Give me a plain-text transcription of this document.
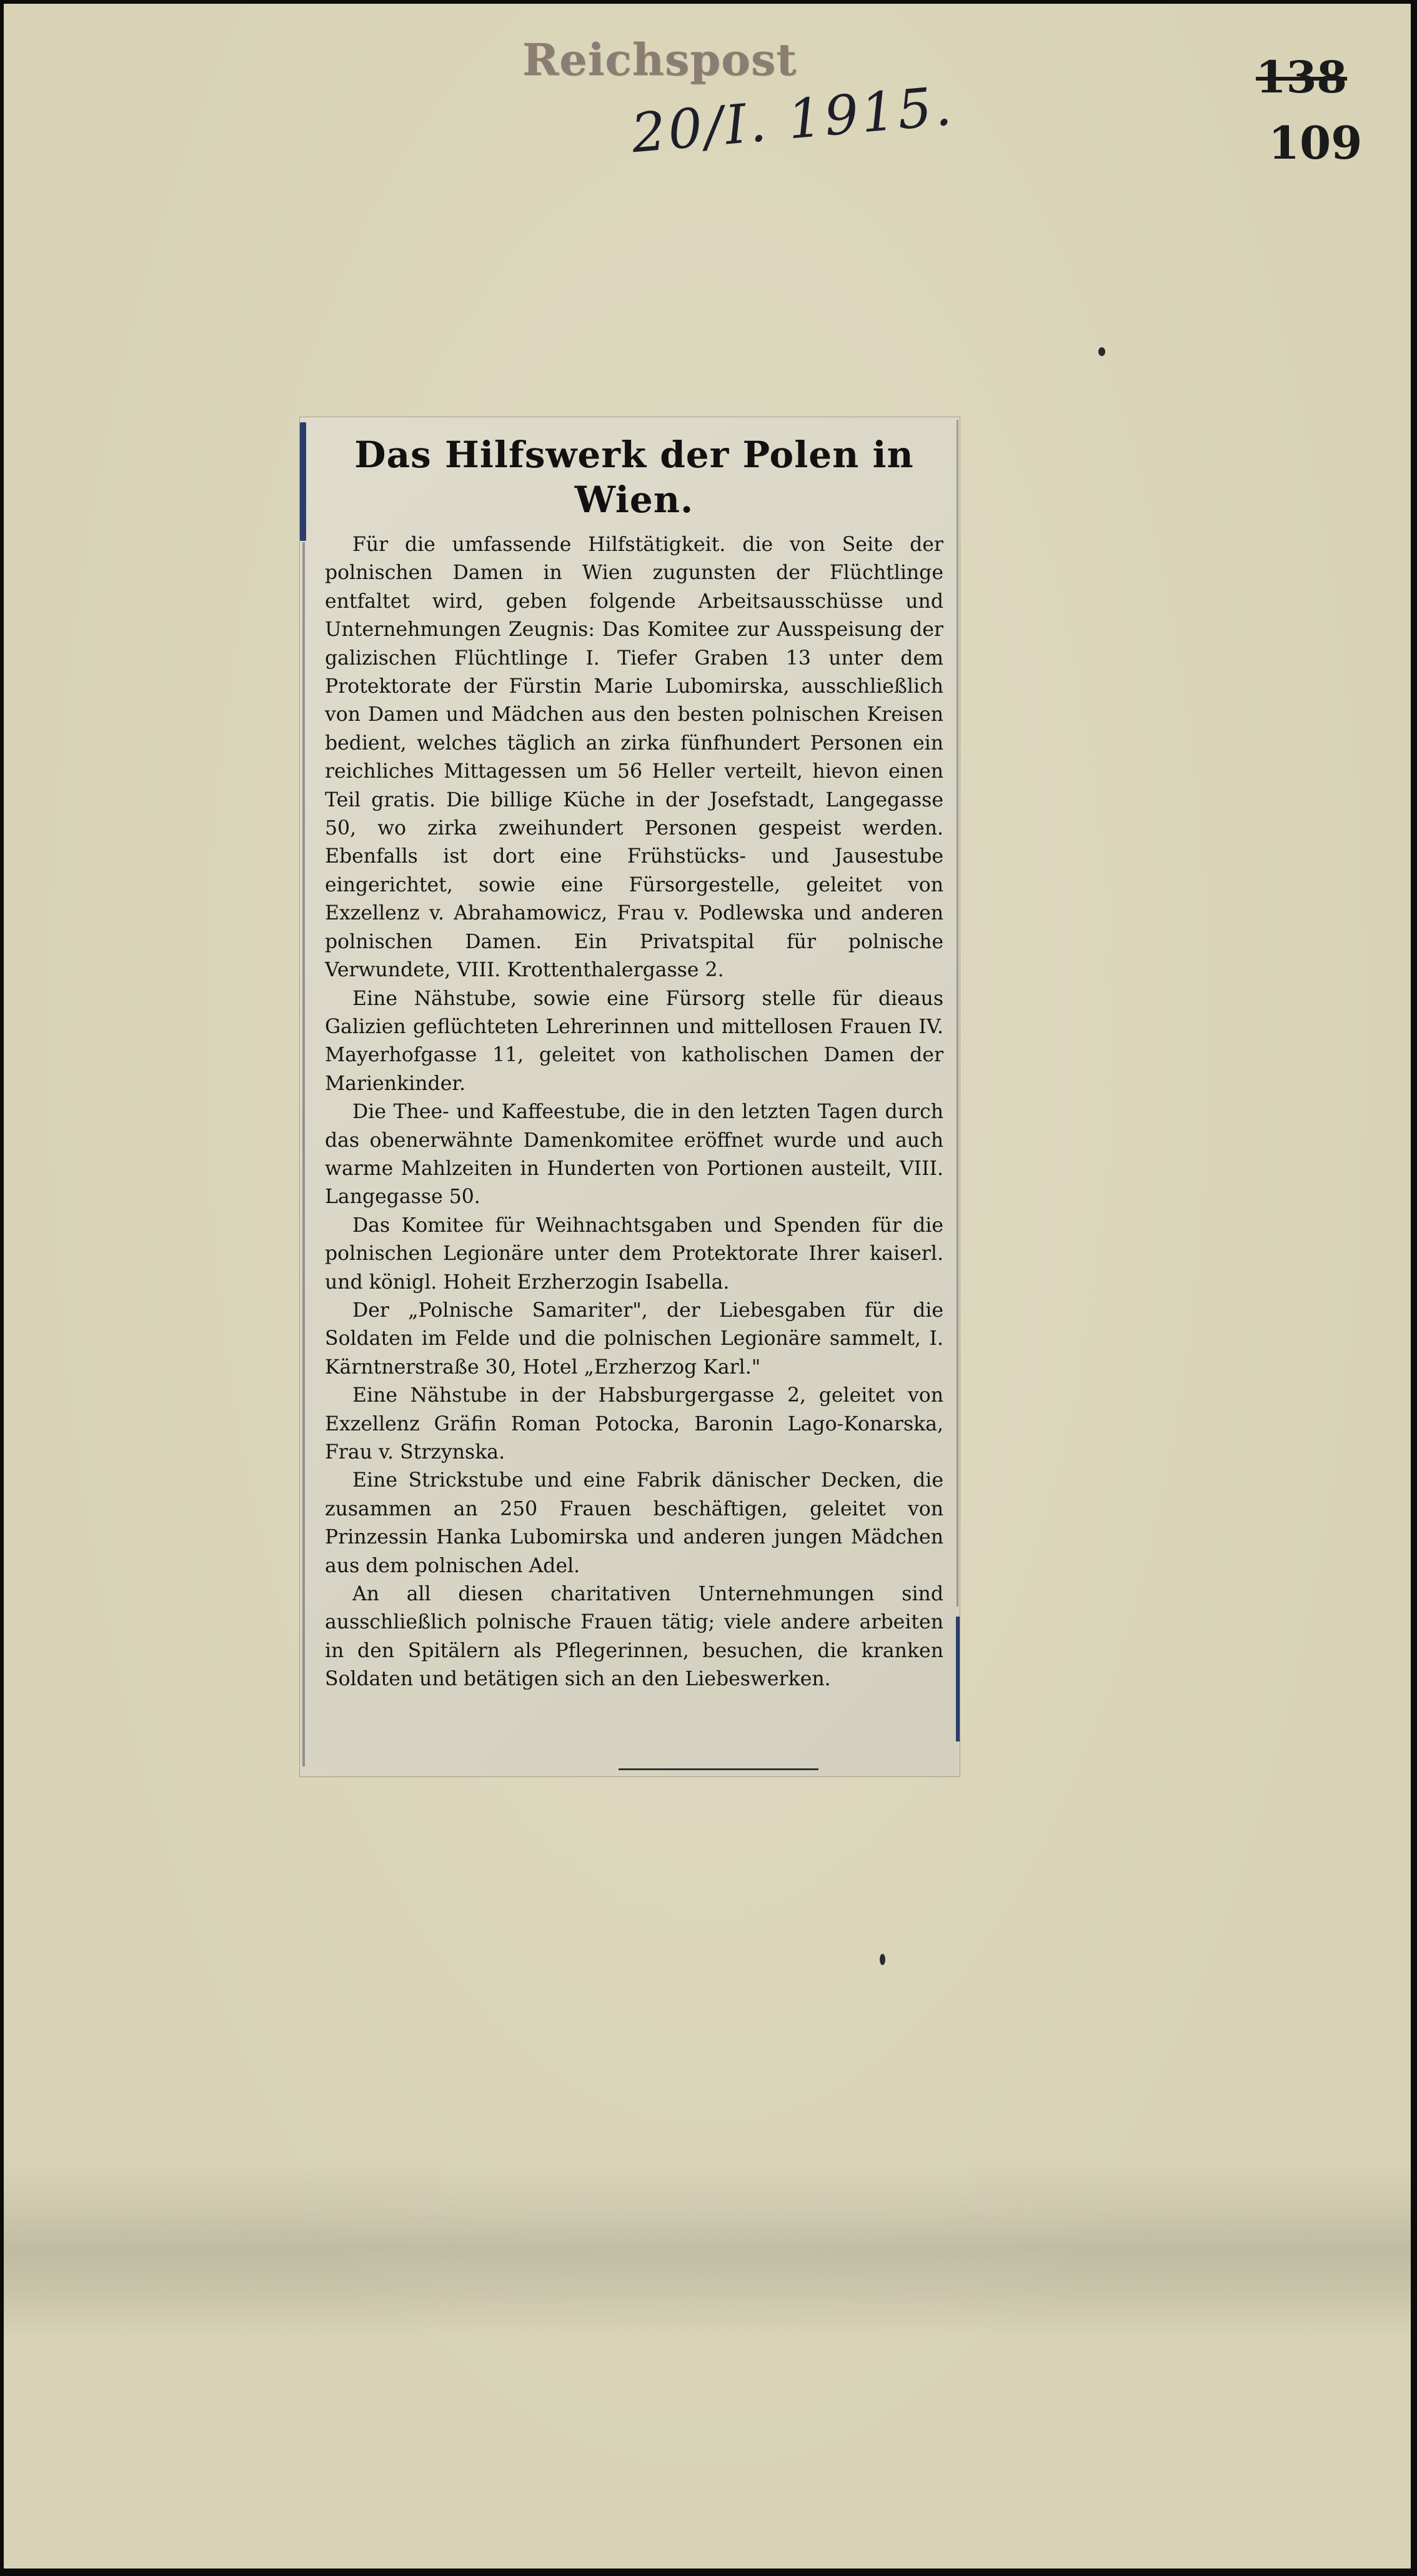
Reichspost
20/I. 1915.	138
109
Das Hilfswerk der Polen in Wien.

Für die umfassende Hilfstätigkeit. die von Seite der polnischen Damen in Wien zugunsten der Flüchtlinge entfaltet wird, geben folgende Arbeitsausschüsse und Unternehmungen Zeugnis: Das Komitee zur Ausspeisung der galizischen Flüchtlinge I. Tiefer Graben 13 unter dem Protektorate der Fürstin Marie Lubomirska, ausschließlich von Damen und Mädchen aus den besten polnischen Kreisen bedient, welches täglich an zirka fünfhundert Personen ein reichliches Mittagessen um 56 Heller verteilt, hievon einen Teil gratis. Die billige Küche in der Josefstadt, Langegasse 50, wo zirka zweihundert Personen gespeist werden. Ebenfalls ist dort eine Frühstücks- und Jausestube eingerichtet, sowie eine Fürsorgestelle, geleitet von Exzellenz v. Abrahamowicz, Frau v. Podlewska und anderen polnischen Damen. Ein Privatspital für polnische Verwundete, VIII. Krottenthalergasse 2.

Eine Nähstube, sowie eine Fürsorg stelle für dieaus Galizien geflüchteten Lehrerinnen und mittellosen Frauen IV. Mayerhofgasse 11, geleitet von katholischen Damen der Marienkinder.

Die Thee- und Kaffeestube, die in den letzten Tagen durch das obenerwähnte Damenkomitee eröffnet wurde und auch warme Mahlzeiten in Hunderten von Portionen austeilt, VIII. Langegasse 50.

Das Komitee für Weihnachtsgaben und Spenden für die polnischen Legionäre unter dem Protektorate Ihrer kaiserl. und königl. Hoheit Erzherzogin Isabella.

Der „Polnische Samariter", der Liebesgaben für die Soldaten im Felde und die polnischen Legionäre sammelt, I. Kärntnerstraße 30, Hotel „Erzherzog Karl."

Eine Nähstube in der Habsburgergasse 2, geleitet von Exzellenz Gräfin Roman Potocka, Baronin Lago-Konarska, Frau v. Strzynska.

Eine Strickstube und eine Fabrik dänischer Decken, die zusammen an 250 Frauen beschäftigen, geleitet von Prinzessin Hanka Lubomirska und anderen jungen Mädchen aus dem polnischen Adel.

An all diesen charitativen Unternehmungen sind ausschließlich polnische Frauen tätig; viele andere arbeiten in den Spitälern als Pflegerinnen, besuchen, die kranken Soldaten und betätigen sich an den Liebeswerken.
